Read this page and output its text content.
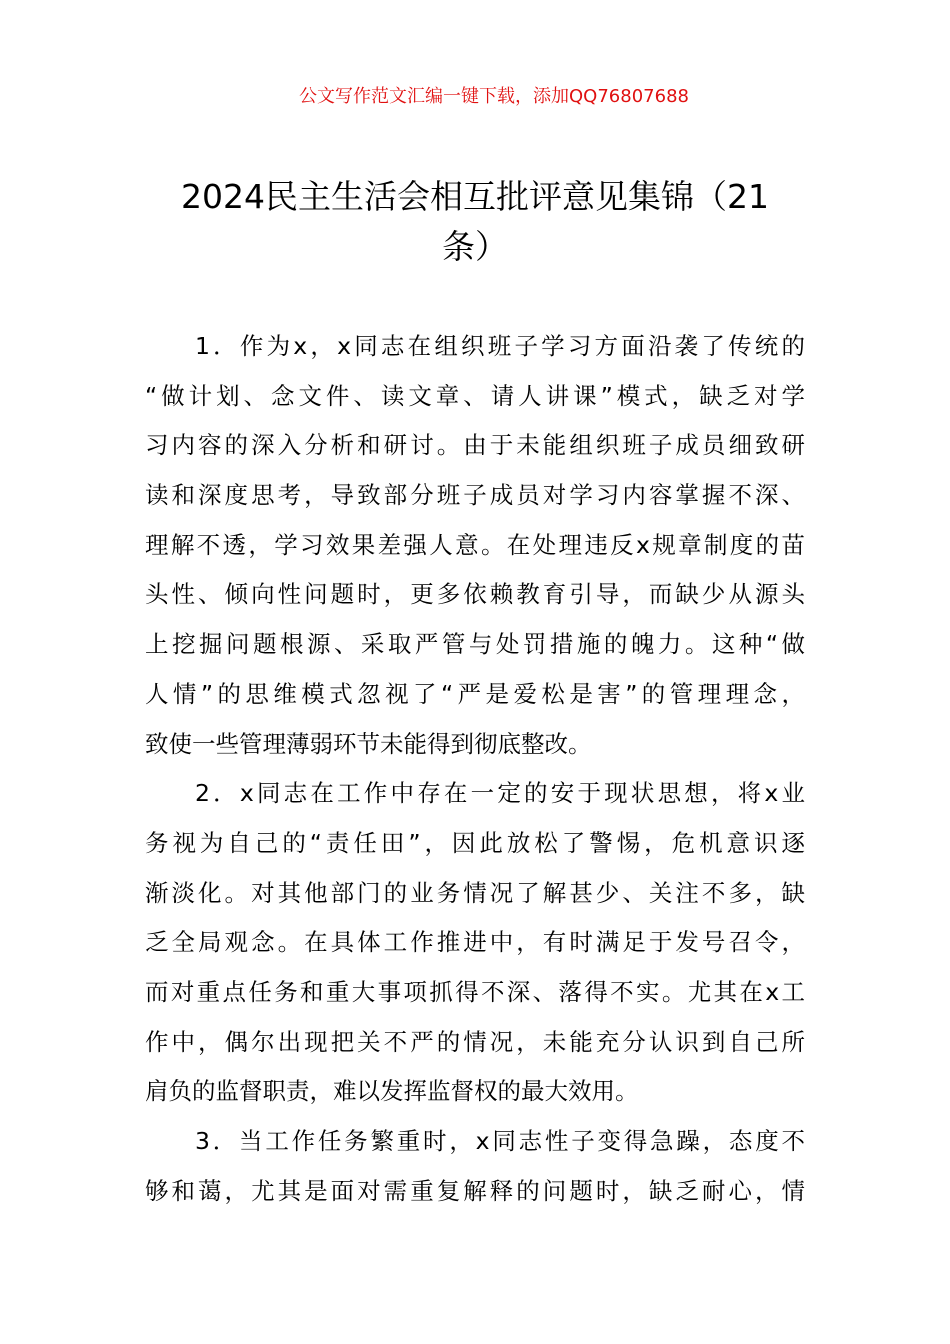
公文写作范文汇编一键下载，添加QQ76807688
2024民主生活会相互批评意见集锦（21
条）
1．作为x，x同志在组织班子学习方面沿袭了传统的
“做计划、念文件、读文章、请人讲课”模式，缺乏对学
习内容的深入分析和研讨。由于未能组织班子成员细致研
读和深度思考，导致部分班子成员对学习内容掌握不深、
理解不透，学习效果差强人意。在处理违反x规章制度的苗
头性、倾向性问题时，更多依赖教育引导，而缺少从源头
上挖掘问题根源、采取严管与处罚措施的魄力。这种“做
人情”的思维模式忽视了“严是爱松是害”的管理理念，
致使一些管理薄弱环节未能得到彻底整改。
2．x同志在工作中存在一定的安于现状思想，将x业
务视为自己的“责任田”，因此放松了警惕，危机意识逐
渐淡化。对其他部门的业务情况了解甚少、关注不多，缺
乏全局观念。在具体工作推进中，有时满足于发号召令，
而对重点任务和重大事项抓得不深、落得不实。尤其在x工
作中，偶尔出现把关不严的情况，未能充分认识到自己所
肩负的监督职责，难以发挥监督权的最大效用。
3．当工作任务繁重时，x同志性子变得急躁，态度不
够和蔼，尤其是面对需重复解释的问题时，缺乏耐心，情
